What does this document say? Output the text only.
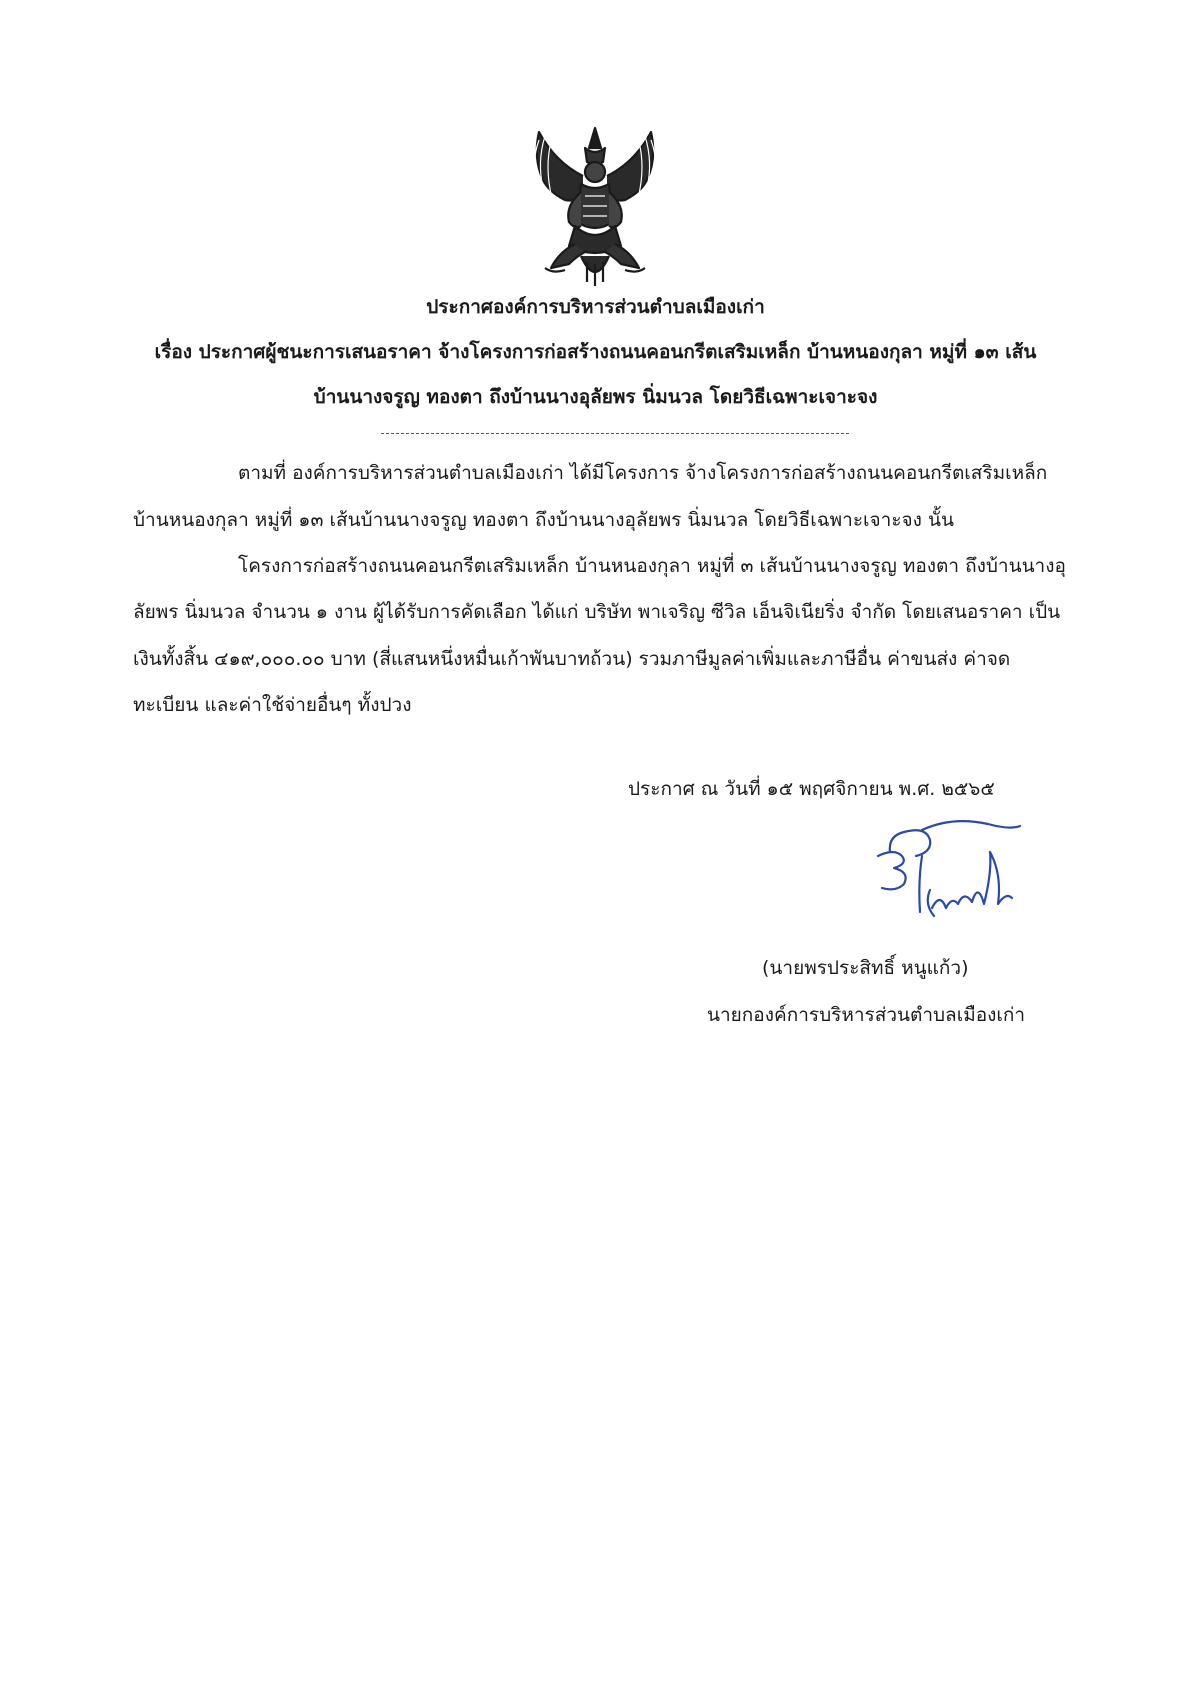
ประกาศองค์การบริหารส่วนตำบลเมืองเก่า
เรื่อง ประกาศผู้ชนะการเสนอราคา จ้างโครงการก่อสร้างถนนคอนกรีตเสริมเหล็ก บ้านหนองกุลา หมู่ที่ ๑๓ เส้น
บ้านนางจรูญ ทองตา ถึงบ้านนางอุลัยพร นิ่มนวล โดยวิธีเฉพาะเจาะจง
ตามที่ องค์การบริหารส่วนตำบลเมืองเก่า ได้มีโครงการ จ้างโครงการก่อสร้างถนนคอนกรีตเสริมเหล็ก
บ้านหนองกุลา หมู่ที่ ๑๓ เส้นบ้านนางจรูญ ทองตา ถึงบ้านนางอุลัยพร นิ่มนวล โดยวิธีเฉพาะเจาะจง นั้น
โครงการก่อสร้างถนนคอนกรีตเสริมเหล็ก บ้านหนองกุลา หมู่ที่ ๓ เส้นบ้านนางจรูญ ทองตา ถึงบ้านนางอุ
ลัยพร นิ่มนวล จำนวน ๑ งาน ผู้ได้รับการคัดเลือก ได้แก่ บริษัท พาเจริญ ซีวิล เอ็นจิเนียริ่ง จำกัด โดยเสนอราคา เป็น
เงินทั้งสิ้น ๔๑๙,๐๐๐.๐๐ บาท (สี่แสนหนึ่งหมื่นเก้าพันบาทถ้วน) รวมภาษีมูลค่าเพิ่มและภาษีอื่น ค่าขนส่ง ค่าจด
ทะเบียน และค่าใช้จ่ายอื่นๆ ทั้งปวง
ประกาศ ณ วันที่ ๑๕ พฤศจิกายน พ.ศ. ๒๕๖๕
(นายพรประสิทธิ์ หนูแก้ว)
นายกองค์การบริหารส่วนตำบลเมืองเก่า
